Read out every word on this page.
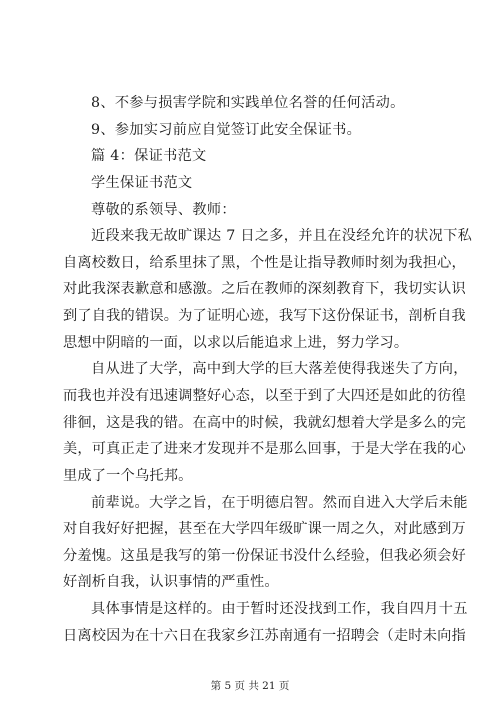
8、不参与损害学院和实践单位名誉的任何活动。
9、参加实习前应自觉签订此安全保证书。
篇 4：保证书范文
学生保证书范文
尊敬的系领导、教师：
近段来我无故旷课达 7 日之多，并且在没经允许的状况下私
自离校数日，给系里抹了黑，个性是让指导教师时刻为我担心，
对此我深表歉意和感激。之后在教师的深刻教育下，我切实认识
到了自我的错误。为了证明心迹，我写下这份保证书，剖析自我
思想中阴暗的一面，以求以后能追求上进，努力学习。
自从进了大学，高中到大学的巨大落差使得我迷失了方向，
而我也并没有迅速调整好心态，以至于到了大四还是如此的彷徨
徘徊，这是我的错。在高中的时候，我就幻想着大学是多么的完
美，可真正走了进来才发现并不是那么回事，于是大学在我的心
里成了一个乌托邦。
前辈说。大学之旨，在于明德启智。然而自进入大学后未能
对自我好好把握，甚至在大学四年级旷课一周之久，对此感到万
分羞愧。这虽是我写的第一份保证书没什么经验，但我必须会好
好剖析自我，认识事情的严重性。
具体事情是这样的。由于暂时还没找到工作，我自四月十五
日离校因为在十六日在我家乡江苏南通有一招聘会（走时未向指
第 5 页 共 21 页
